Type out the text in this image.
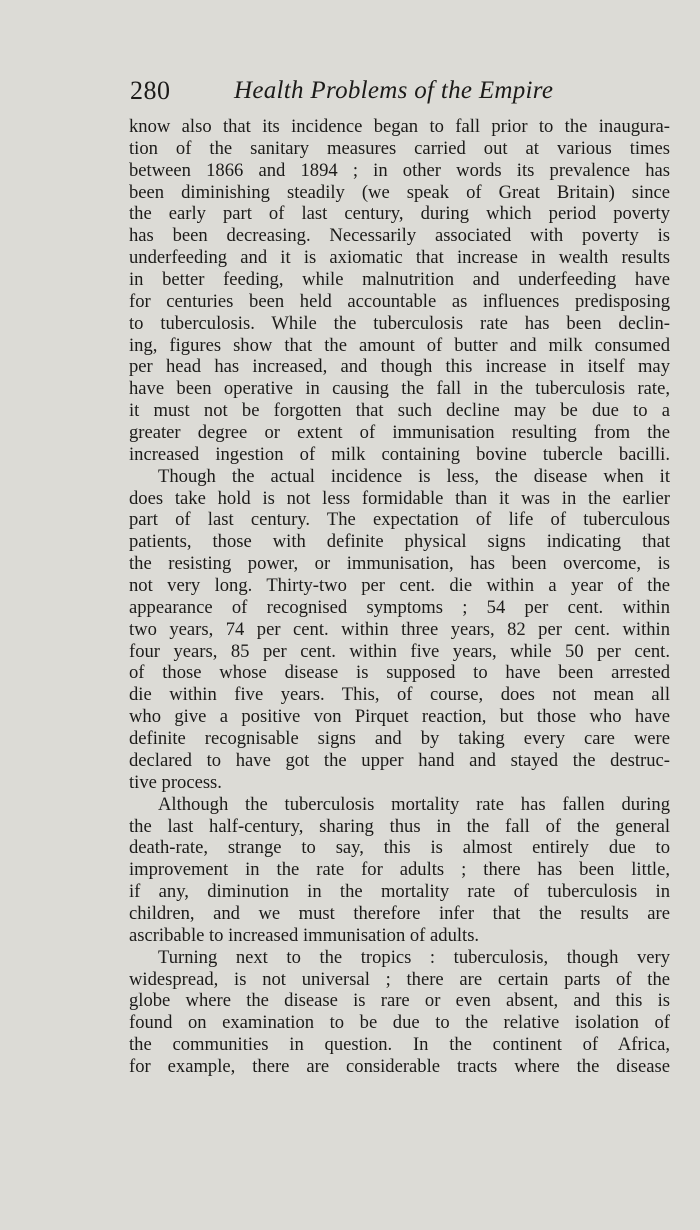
280	Health Problems of the Empire
know also that its incidence began to fall prior to the inaugura-
tion of the sanitary measures carried out at various times
between 1866 and 1894 ; in other words its prevalence has
been diminishing steadily (we speak of Great Britain) since
the early part of last century, during which period poverty
has been decreasing. Necessarily associated with poverty is
underfeeding and it is axiomatic that increase in wealth results
in better feeding, while malnutrition and underfeeding have
for centuries been held accountable as influences predisposing
to tuberculosis. While the tuberculosis rate has been declin-
ing, figures show that the amount of butter and milk consumed
per head has increased, and though this increase in itself may
have been operative in causing the fall in the tuberculosis rate,
it must not be forgotten that such decline may be due to a
greater degree or extent of immunisation resulting from the
increased ingestion of milk containing bovine tubercle bacilli.
Though the actual incidence is less, the disease when it
does take hold is not less formidable than it was in the earlier
part of last century. The expectation of life of tuberculous
patients, those with definite physical signs indicating that
the resisting power, or immunisation, has been overcome, is
not very long. Thirty-two per cent. die within a year of the
appearance of recognised symptoms ; 54 per cent. within
two years, 74 per cent. within three years, 82 per cent. within
four years, 85 per cent. within five years, while 50 per cent.
of those whose disease is supposed to have been arrested
die within five years. This, of course, does not mean all
who give a positive von Pirquet reaction, but those who have
definite recognisable signs and by taking every care were
declared to have got the upper hand and stayed the destruc-
tive process.
Although the tuberculosis mortality rate has fallen during
the last half-century, sharing thus in the fall of the general
death-rate, strange to say, this is almost entirely due to
improvement in the rate for adults ; there has been little,
if any, diminution in the mortality rate of tuberculosis in
children, and we must therefore infer that the results are
ascribable to increased immunisation of adults.
Turning next to the tropics : tuberculosis, though very
widespread, is not universal ; there are certain parts of the
globe where the disease is rare or even absent, and this is
found on examination to be due to the relative isolation of
the communities in question. In the continent of Africa,
for example, there are considerable tracts where the disease
